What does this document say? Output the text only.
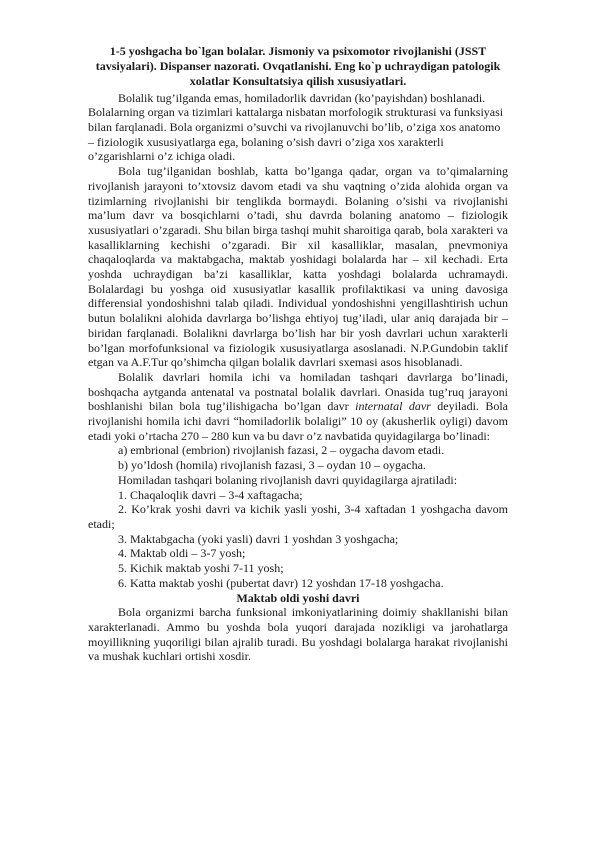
1-5 yoshgacha bo`lgan bolalar. Jismoniy va psixomotor rivojlanishi (JSST tavsiyalari). Dispanser nazorati. Ovqatlanishi. Eng ko`p uchraydigan patologik xolatlar Konsultatsiya qilish xususiyatlari.

Bolalik tug’ilganda emas, homiladorlik davridan (ko’payishdan) boshlanadi. Bolalarning organ va tizimlari kattalarga nisbatan morfologik strukturasi va funksiyasi bilan farqlanadi. Bola organizmi o’suvchi va rivojlanuvchi bo’lib, o’ziga xos anatomo – fiziologik xususiyatlarga ega, bolaning o’sish davri o’ziga xos xarakterli o’zgarishlarni o’z ichiga oladi.

Bola tug’ilganidan boshlab, katta bo’lganga qadar, organ va to’qimalarning rivojlanish jarayoni to’xtovsiz davom etadi va shu vaqtning o’zida alohida organ va tizimlarning rivojlanishi bir tenglikda bormaydi. Bolaning o’sishi va rivojlanishi ma’lum davr va bosqichlarni o’tadi, shu davrda bolaning anatomo – fiziologik xususiyatlari o’zgaradi. Shu bilan birga tashqi muhit sharoitiga qarab, bola xarakteri va kasalliklarning kechishi o’zgaradi. Bir xil kasalliklar, masalan, pnevmoniya chaqaloqlarda va maktabgacha, maktab yoshidagi bolalarda har – xil kechadi. Erta yoshda uchraydigan ba’zi kasalliklar, katta yoshdagi bolalarda uchramaydi. Bolalardagi bu yoshga oid xususiyatlar kasallik profilaktikasi va uning davosiga differensial yondoshishni talab qiladi. Individual yondoshishni yengillashtirish uchun butun bolalikni alohida davrlarga bo’lishga ehtiyoj tug’iladi, ular aniq darajada bir – biridan farqlanadi. Bolalikni davrlarga bo’lish har bir yosh davrlari uchun xarakterli bo’lgan morfofunksional va fiziologik xususiyatlarga asoslanadi. N.P.Gundobin taklif etgan va A.F.Tur qo’shimcha qilgan bolalik davrlari sxemasi asos hisoblanadi.

Bolalik davrlari homila ichi va homiladan tashqari davrlarga bo’linadi, boshqacha aytganda antenatal va postnatal bolalik davrlari. Onasida tug’ruq jarayoni boshlanishi bilan bola tug’ilishigacha bo’lgan davr internatal davr deyiladi. Bola rivojlanishi homila ichi davri “homiladorlik bolaligi” 10 oy (akusherlik oyligi) davom etadi yoki o’rtacha 270 – 280 kun va bu davr o’z navbatida quyidagilarga bo’linadi:

a) embrional (embrion) rivojlanish fazasi, 2 – oygacha davom etadi.

b) yo’ldosh (homila) rivojlanish fazasi, 3 – oydan 10 – oygacha.

Homiladan tashqari bolaning rivojlanish davri quyidagilarga ajratiladi:

1. Chaqaloqlik davri – 3-4 xaftagacha;

2. Ko’krak yoshi davri va kichik yasli yoshi, 3-4 xaftadan 1 yoshgacha davom etadi;

3. Maktabgacha (yoki yasli) davri 1 yoshdan 3 yoshgacha;

4. Maktab oldi – 3-7 yosh;

5. Kichik maktab yoshi 7-11 yosh;

6. Katta maktab yoshi (pubertat davr) 12 yoshdan 17-18 yoshgacha.

Maktab oldi yoshi davri

Bola organizmi barcha funksional imkoniyatlarining doimiy shakllanishi bilan xarakterlanadi. Ammo bu yoshda bola yuqori darajada nozikligi va jarohatlarga moyillikning yuqoriligi bilan ajralib turadi. Bu yoshdagi bolalarga harakat rivojlanishi va mushak kuchlari ortishi xosdir.
